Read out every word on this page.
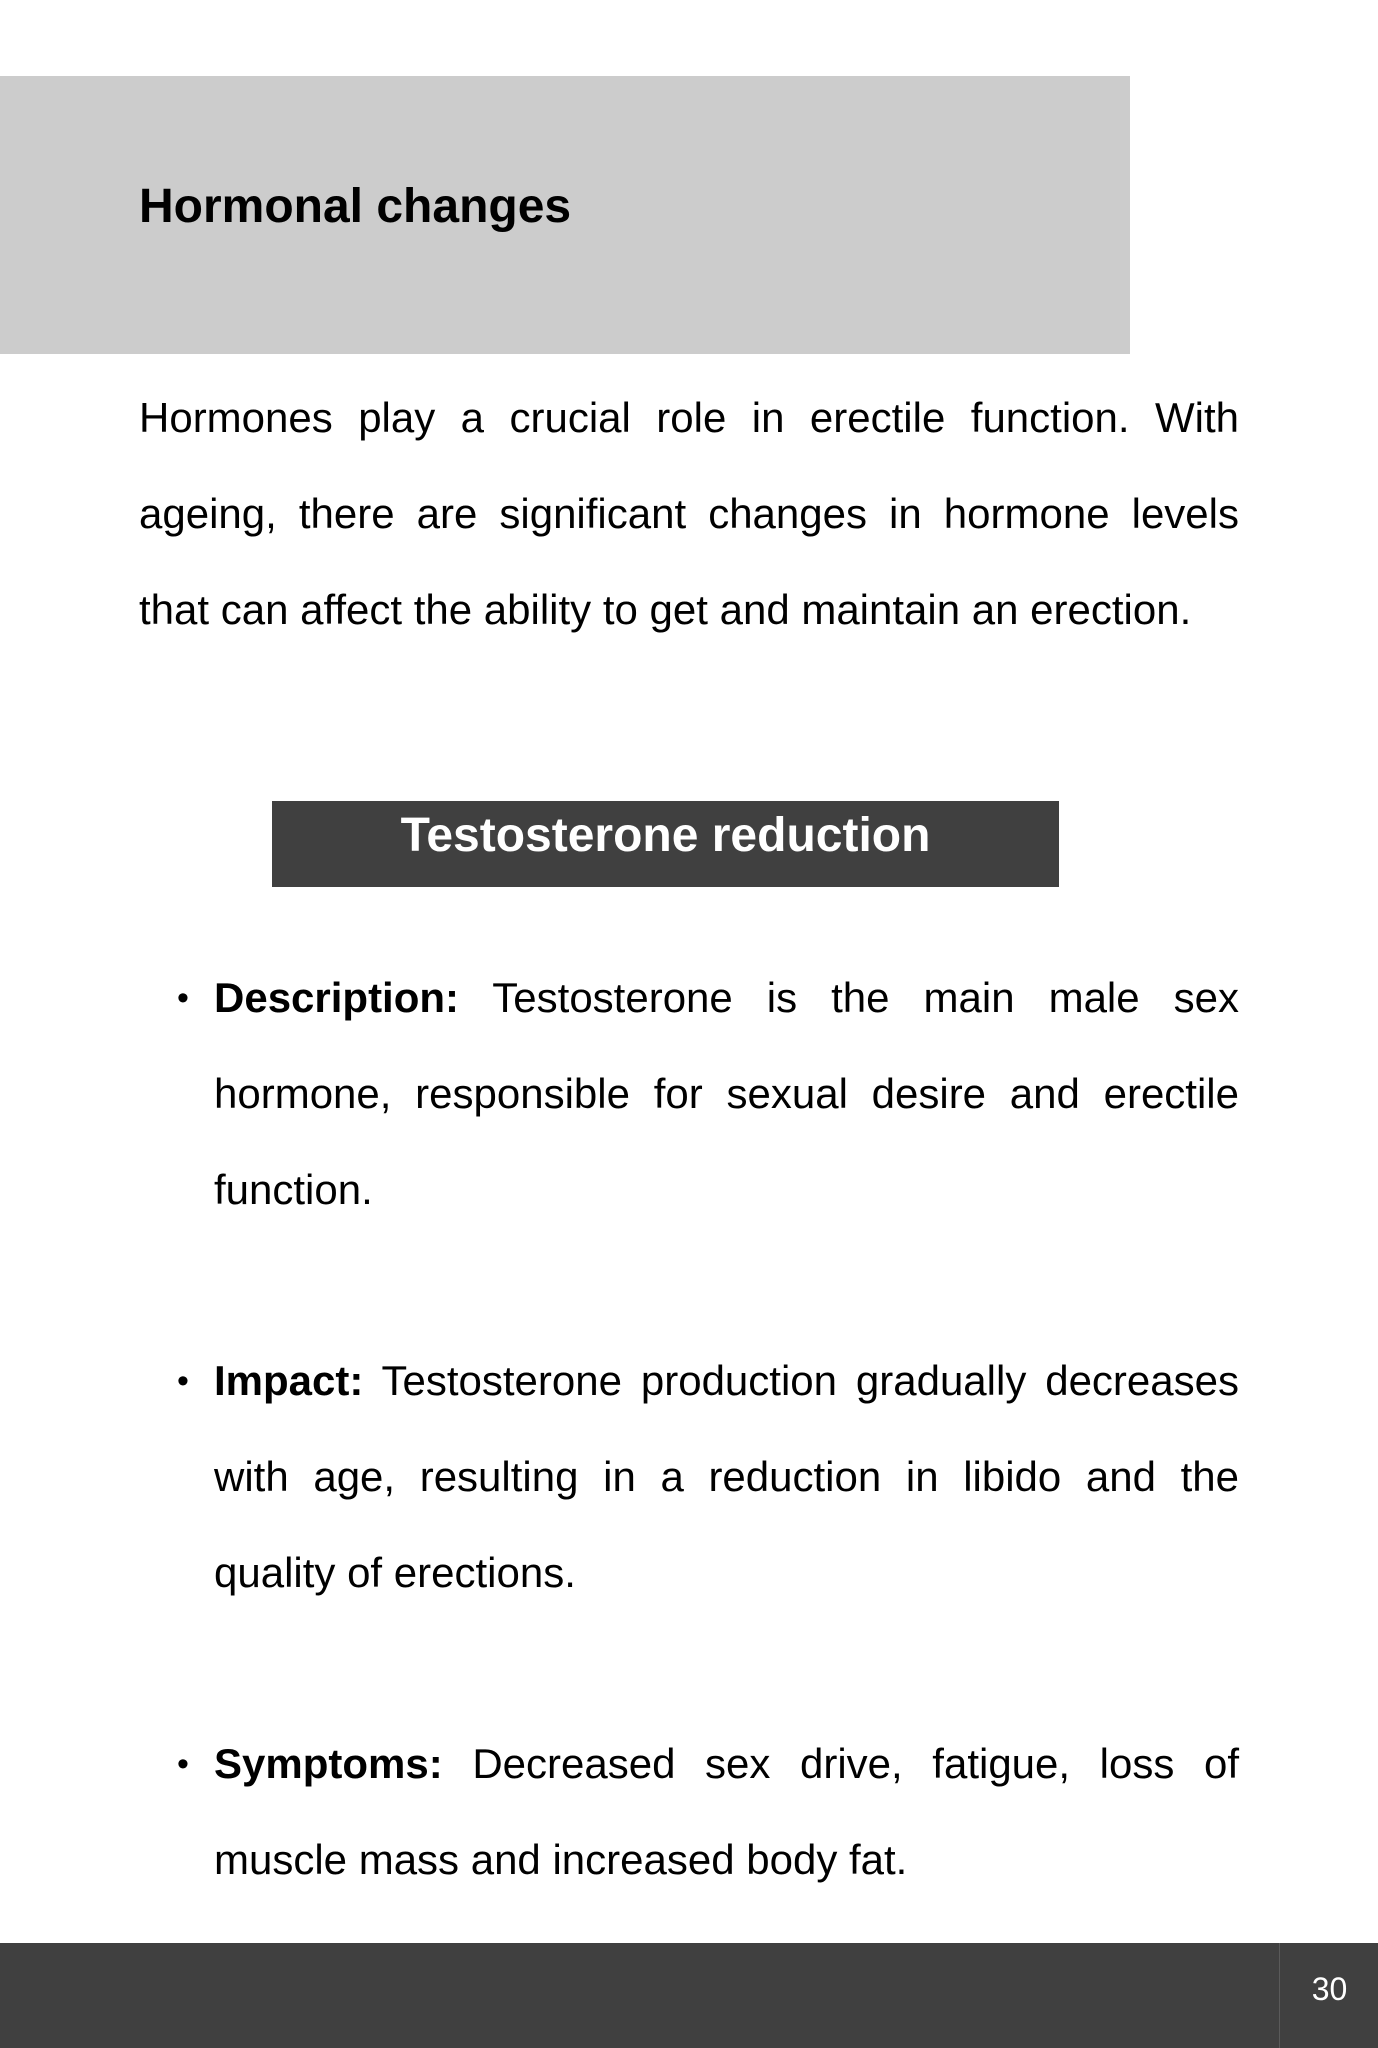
Hormonal changes

Hormones play a crucial role in erectile function. With ageing, there are significant changes in hormone levels that can affect the ability to get and maintain an erection.

Testosterone reduction
• Description: Testosterone is the main male sex hormone, responsible for sexual desire and erectile function.
• Impact: Testosterone production gradually decreases with age, resulting in a reduction in libido and the quality of erections.
• Symptoms: Decreased sex drive, fatigue, loss of muscle mass and increased body fat.
30
